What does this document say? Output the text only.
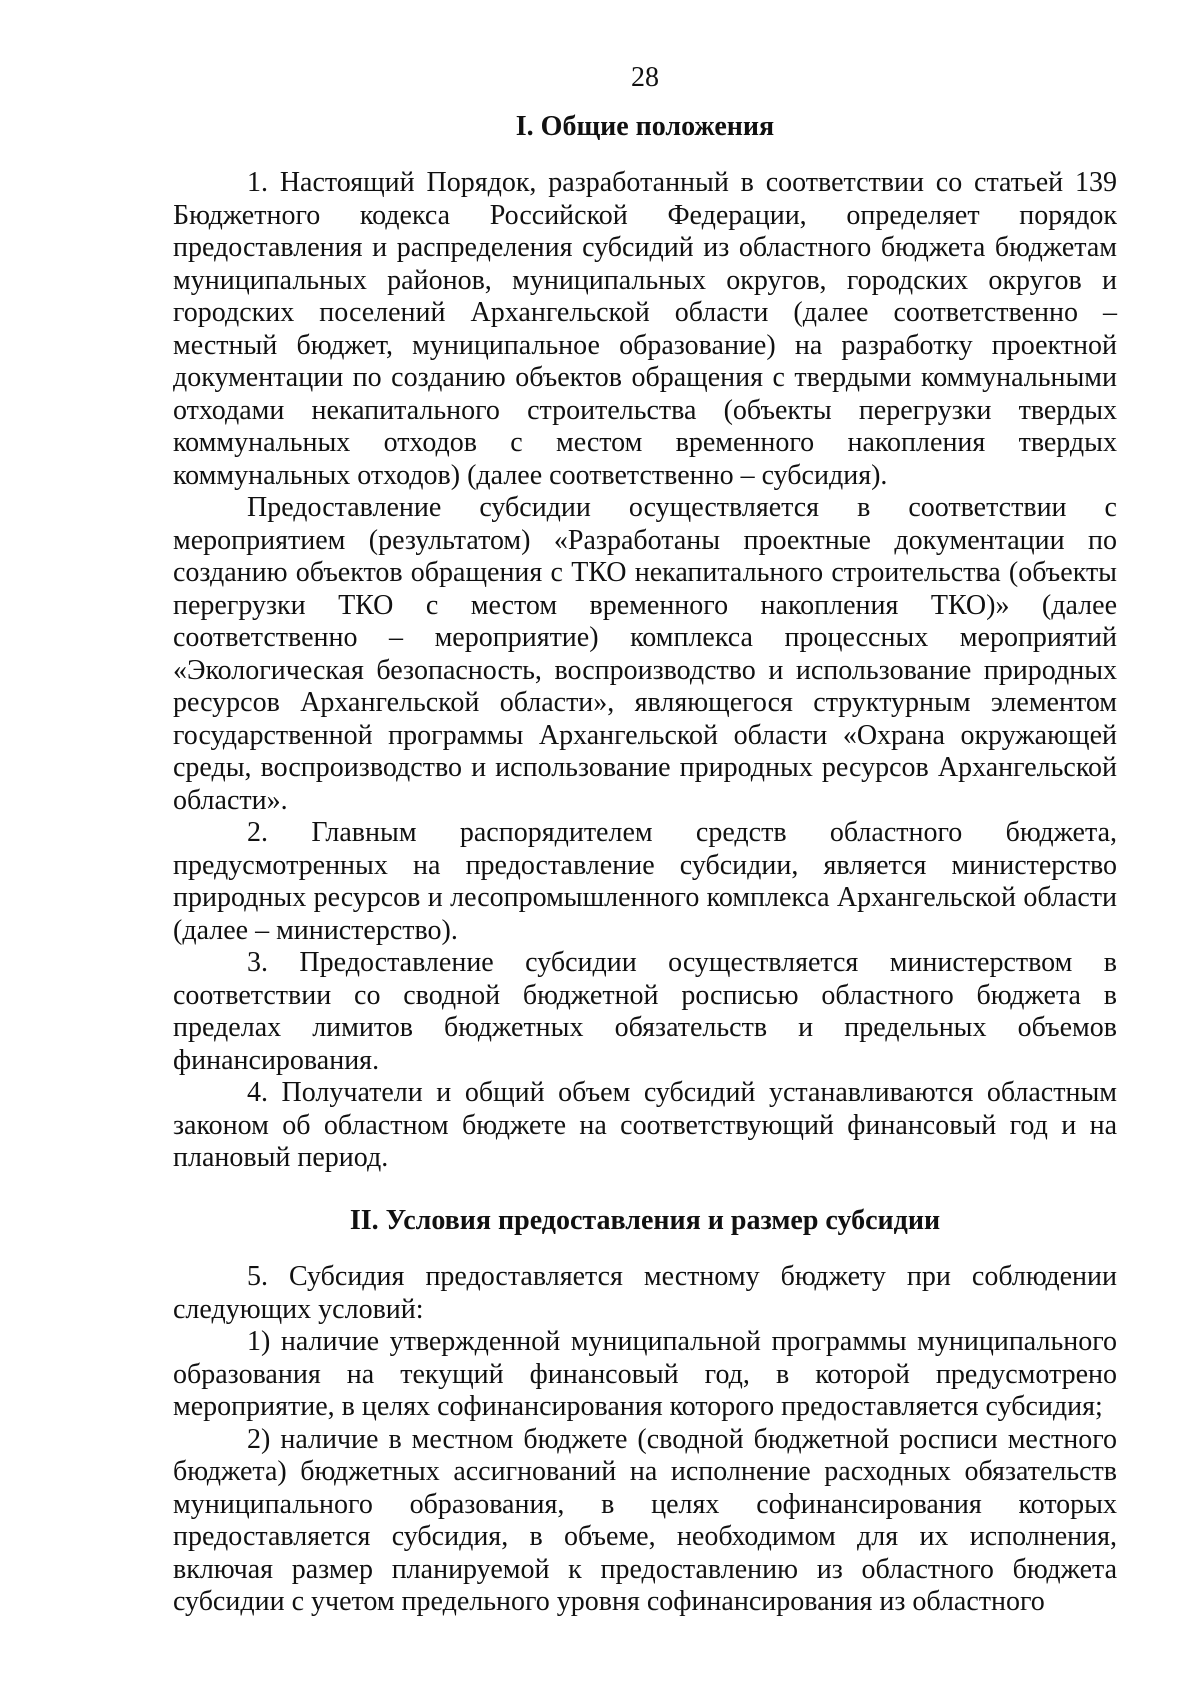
28
I. Общие положения

1. Настоящий Порядок, разработанный в соответствии со статьей 139 Бюджетного кодекса Российской Федерации, определяет порядок предоставления и распределения субсидий из областного бюджета бюджетам муниципальных районов, муниципальных округов, городских округов и городских поселений Архангельской области (далее соответственно – местный бюджет, муниципальное образование) на разработку проектной документации по созданию объектов обращения с твердыми коммунальными отходами некапитального строительства (объекты перегрузки твердых коммунальных отходов с местом временного накопления твердых коммунальных отходов) (далее соответственно – субсидия).

Предоставление субсидии осуществляется в соответствии с мероприятием (результатом) «Разработаны проектные документации по созданию объектов обращения с ТКО некапитального строительства (объекты перегрузки ТКО с местом временного накопления ТКО)» (далее соответственно – мероприятие) комплекса процессных мероприятий «Экологическая безопасность, воспроизводство и использование природных ресурсов Архангельской области», являющегося структурным элементом государственной программы Архангельской области «Охрана окружающей среды, воспроизводство и использование природных ресурсов Архангельской области».

2. Главным распорядителем средств областного бюджета, предусмотренных на предоставление субсидии, является министерство природных ресурсов и лесопромышленного комплекса Архангельской области (далее – министерство).

3. Предоставление субсидии осуществляется министерством в соответствии со сводной бюджетной росписью областного бюджета в пределах лимитов бюджетных обязательств и предельных объемов финансирования.

4. Получатели и общий объем субсидий устанавливаются областным законом об областном бюджете на соответствующий финансовый год и на плановый период.

II. Условия предоставления и размер субсидии

5. Субсидия предоставляется местному бюджету при соблюдении следующих условий:

1) наличие утвержденной муниципальной программы муниципального образования на текущий финансовый год, в которой предусмотрено мероприятие, в целях софинансирования которого предоставляется субсидия;

2) наличие в местном бюджете (сводной бюджетной росписи местного бюджета) бюджетных ассигнований на исполнение расходных обязательств муниципального образования, в целях софинансирования которых предоставляется субсидия, в объеме, необходимом для их исполнения, включая размер планируемой к предоставлению из областного бюджета субсидии с учетом предельного уровня софинансирования из областного
